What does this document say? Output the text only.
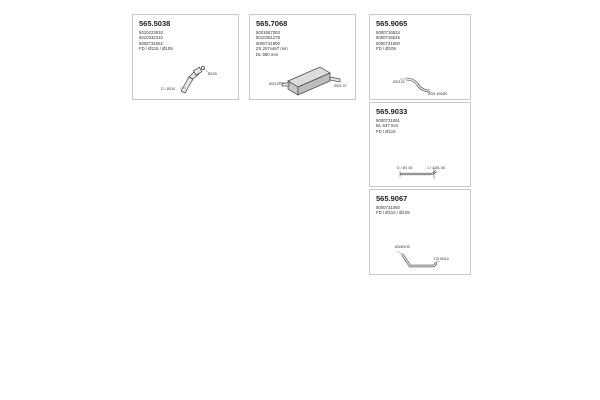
565.5038
5010223910
5010332410
5002731652
FD / Ø115 / Ø109
D / Ø110
Ø109
565.7068
5001867303
5010351278
5000731900
ZS 257x467 mm
DL 980 mm
Ø3/100	Ø3/1 07
565.9065
5000716524
5000716525
5000731600
FD / Ø109
Ø3/120
Ø3/1 Ø3/Ø2
565.9033
5000731061
DL 637 mm
FD / Ø110
D / Ø1 08	1 / 1 Ø1 08
565.9067
5000731060
FD / Ø110 / Ø109
Ø3/Ø105
CD Ø110
